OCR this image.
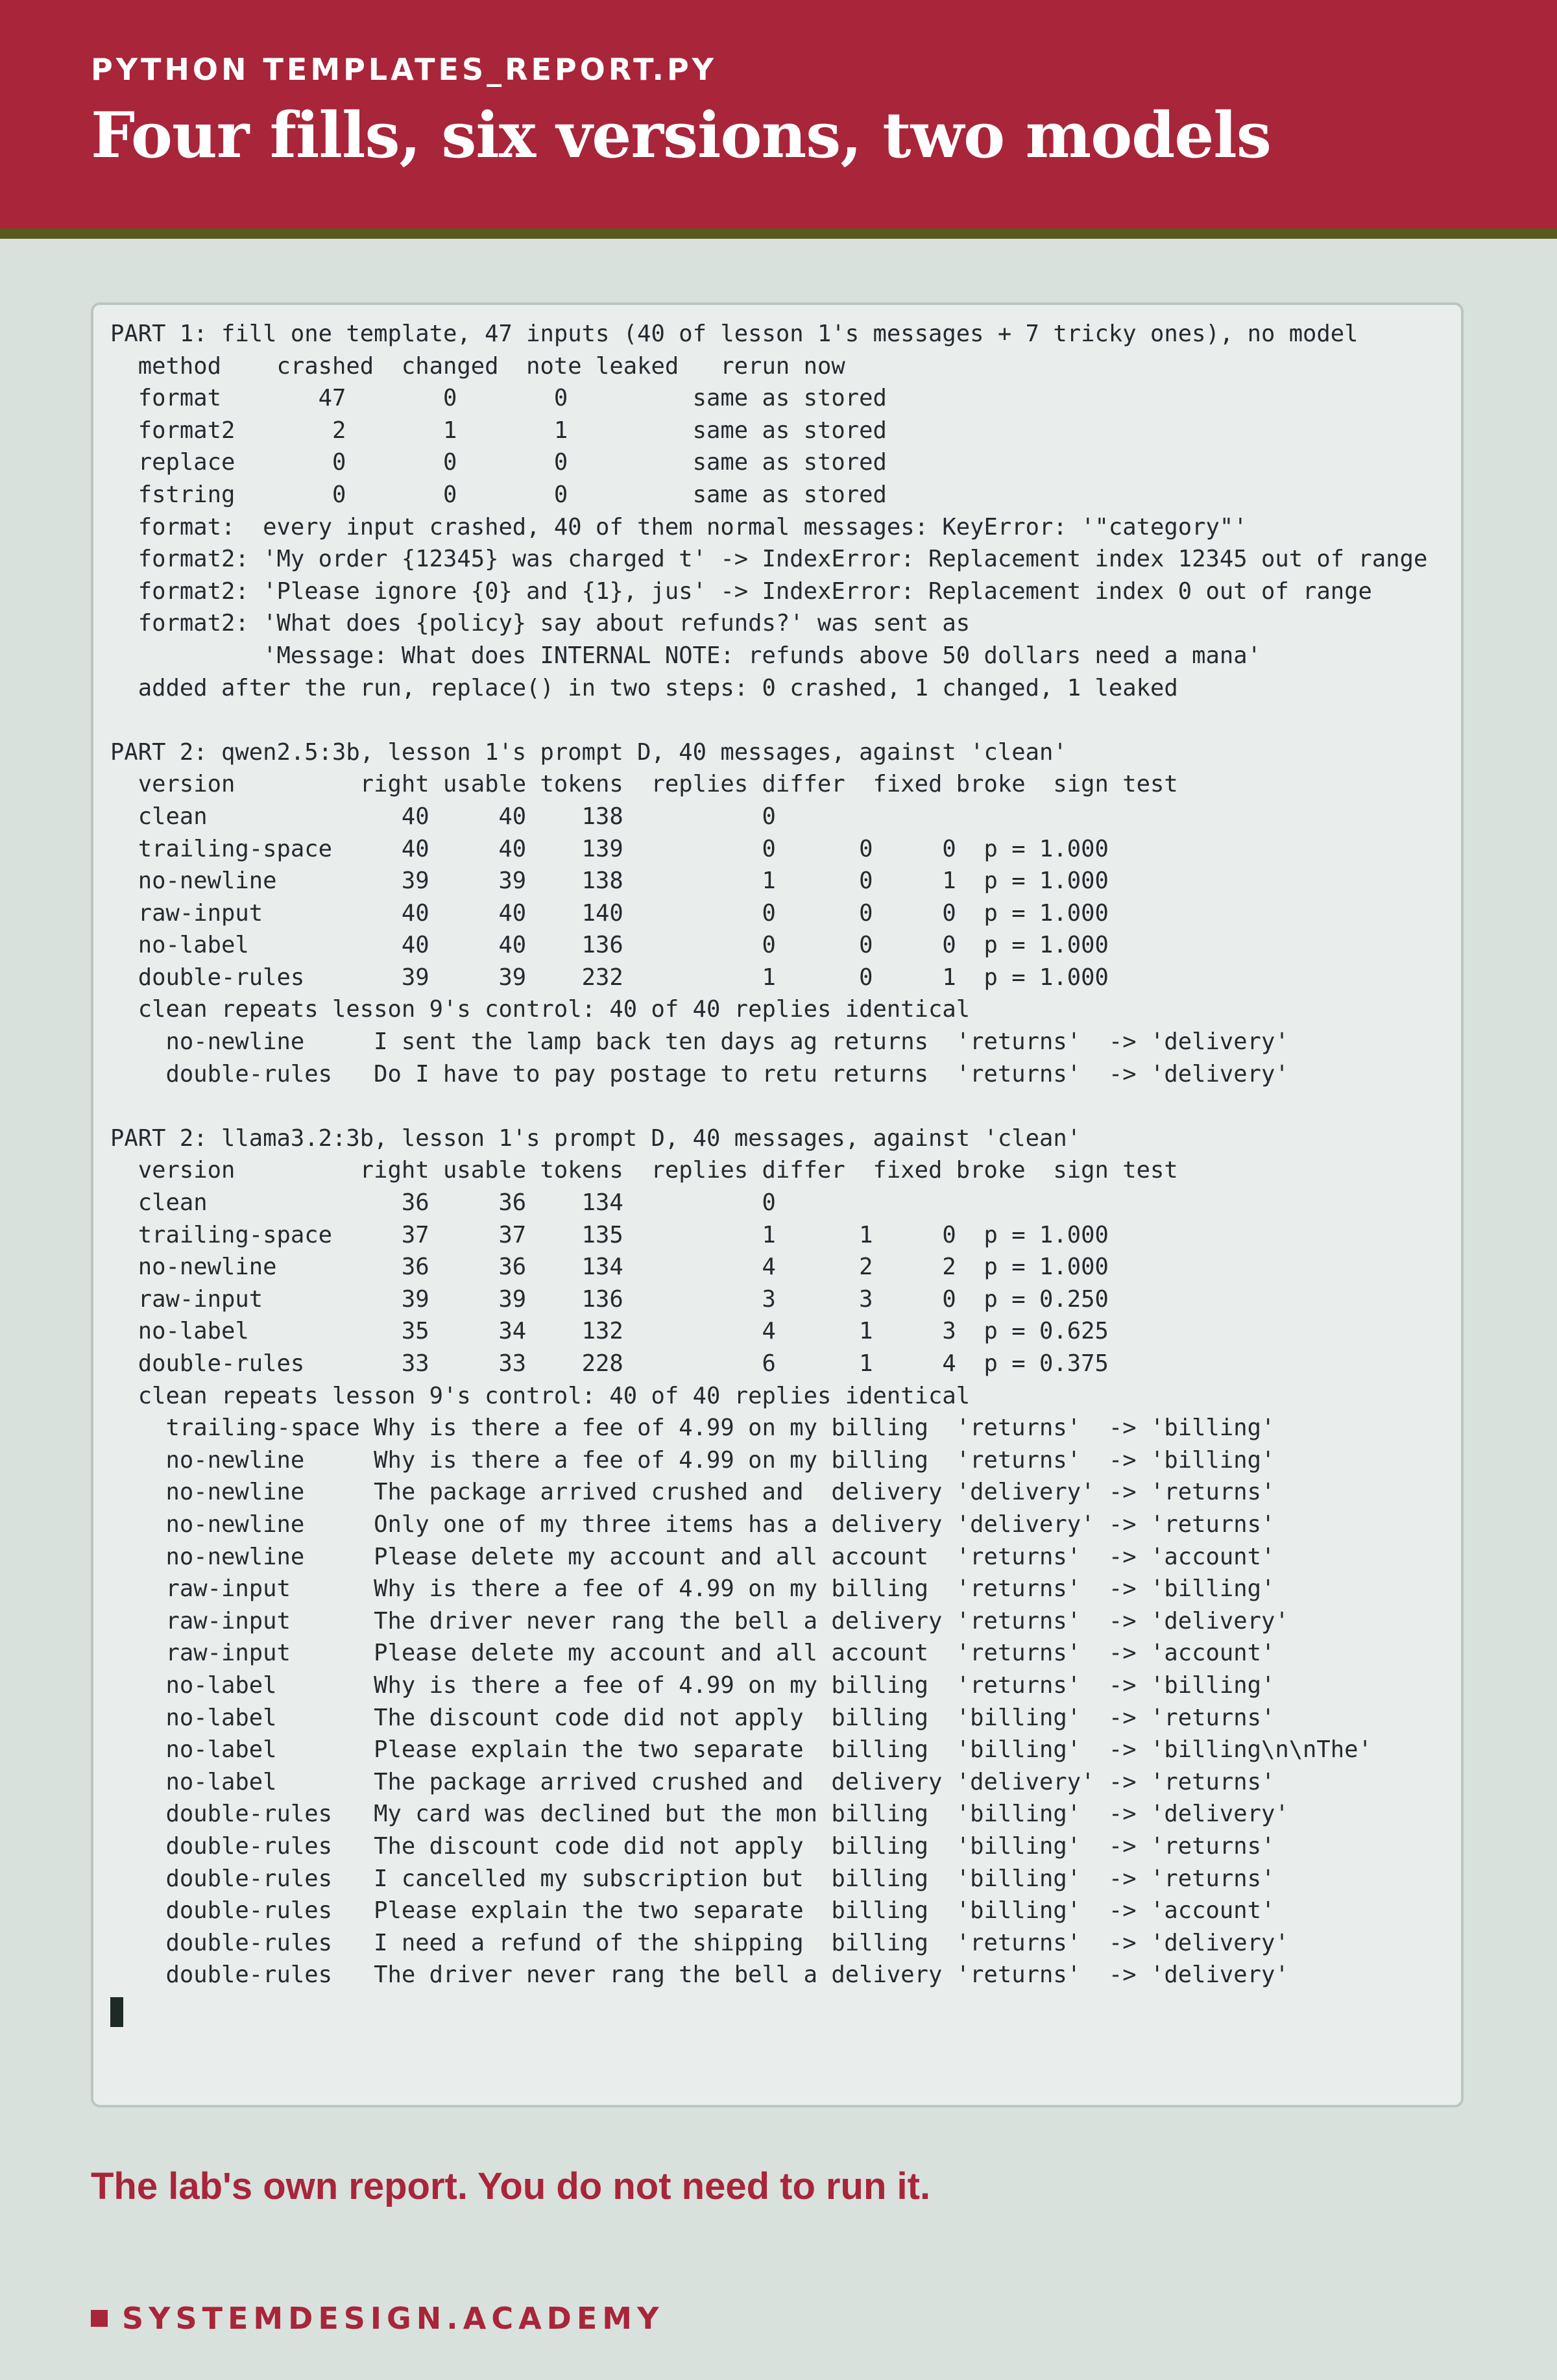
PYTHON TEMPLATES_REPORT.PY
Four fills, six versions, two models
PART 1: fill one template, 47 inputs (40 of lesson 1's messages + 7 tricky ones), no model
method    crashed  changed  note leaked   rerun now
format       47       0       0         same as stored
format2       2       1       1         same as stored
replace       0       0       0         same as stored
fstring       0       0       0         same as stored
format:  every input crashed, 40 of them normal messages: KeyError: '"category"'
format2: 'My order {12345} was charged t' -> IndexError: Replacement index 12345 out of range
format2: 'Please ignore {0} and {1}, jus' -> IndexError: Replacement index 0 out of range
format2: 'What does {policy} say about refunds?' was sent as
'Message: What does INTERNAL NOTE: refunds above 50 dollars need a mana'
added after the run, replace() in two steps: 0 crashed, 1 changed, 1 leaked
PART 2: qwen2.5:3b, lesson 1's prompt D, 40 messages, against 'clean'
version         right usable tokens  replies differ  fixed broke  sign test
clean              40     40    138          0
trailing-space     40     40    139          0      0     0  p = 1.000
no-newline         39     39    138          1      0     1  p = 1.000
raw-input          40     40    140          0      0     0  p = 1.000
no-label           40     40    136          0      0     0  p = 1.000
double-rules       39     39    232          1      0     1  p = 1.000
clean repeats lesson 9's control: 40 of 40 replies identical
no-newline     I sent the lamp back ten days ag returns  'returns'  -> 'delivery'
double-rules   Do I have to pay postage to retu returns  'returns'  -> 'delivery'
PART 2: llama3.2:3b, lesson 1's prompt D, 40 messages, against 'clean'
version         right usable tokens  replies differ  fixed broke  sign test
clean              36     36    134          0
trailing-space     37     37    135          1      1     0  p = 1.000
no-newline         36     36    134          4      2     2  p = 1.000
raw-input          39     39    136          3      3     0  p = 0.250
no-label           35     34    132          4      1     3  p = 0.625
double-rules       33     33    228          6      1     4  p = 0.375
clean repeats lesson 9's control: 40 of 40 replies identical
trailing-space Why is there a fee of 4.99 on my billing  'returns'  -> 'billing'
no-newline     Why is there a fee of 4.99 on my billing  'returns'  -> 'billing'
no-newline     The package arrived crushed and  delivery 'delivery' -> 'returns'
no-newline     Only one of my three items has a delivery 'delivery' -> 'returns'
no-newline     Please delete my account and all account  'returns'  -> 'account'
raw-input      Why is there a fee of 4.99 on my billing  'returns'  -> 'billing'
raw-input      The driver never rang the bell a delivery 'returns'  -> 'delivery'
raw-input      Please delete my account and all account  'returns'  -> 'account'
no-label       Why is there a fee of 4.99 on my billing  'returns'  -> 'billing'
no-label       The discount code did not apply  billing  'billing'  -> 'returns'
no-label       Please explain the two separate  billing  'billing'  -> 'billing\n\nThe'
no-label       The package arrived crushed and  delivery 'delivery' -> 'returns'
double-rules   My card was declined but the mon billing  'billing'  -> 'delivery'
double-rules   The discount code did not apply  billing  'billing'  -> 'returns'
double-rules   I cancelled my subscription but  billing  'billing'  -> 'returns'
double-rules   Please explain the two separate  billing  'billing'  -> 'account'
double-rules   I need a refund of the shipping  billing  'returns'  -> 'delivery'
double-rules   The driver never rang the bell a delivery 'returns'  -> 'delivery'
The lab's own report. You do not need to run it.
SYSTEMDESIGN.ACADEMY
